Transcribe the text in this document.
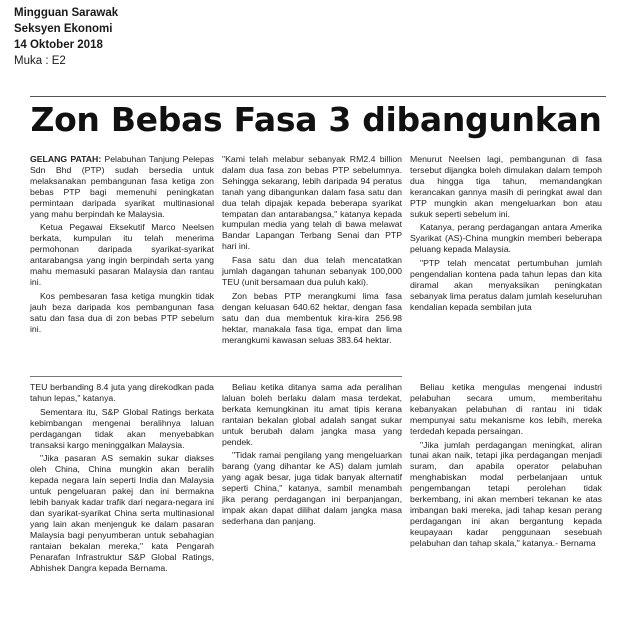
Mingguan Sarawak
Seksyen Ekonomi
14 Oktober 2018
Muka : E2
Zon Bebas Fasa 3 dibangunkan

GELANG PATAH: Pelabuhan Tanjung Pelepas Sdn Bhd (PTP) sudah bersedia untuk melaksanakan pembangunan fasa ketiga zon bebas PTP bagi memenuhi peningkatan permintaan daripada syarikat multinasional yang mahu berpindah ke Malaysia.

Ketua Pegawai Eksekutif Marco Neelsen berkata, kumpulan itu telah menerima permohonan daripada syarikat-syarikat antarabangsa yang ingin berpindah serta yang mahu memasuki pasaran Malaysia dan rantau ini.

Kos pembesaran fasa ketiga mungkin tidak jauh beza daripada kos pembangunan fasa satu dan fasa dua di zon bebas PTP sebelum ini.

"Kami telah melabur sebanyak RM2.4 billion dalam dua fasa zon bebas PTP sebelumnya. Sehingga sekarang, lebih daripada 94 peratus tanah yang dibangunkan dalam fasa satu dan dua telah dipajak kepada beberapa syarikat tempatan dan antarabangsa," katanya kepada kumpulan media yang telah di bawa melawat Bandar Lapangan Terbang Senai dan PTP hari ini.

Fasa satu dan dua telah mencatatkan jumlah dagangan tahunan sebanyak 100,000 TEU (unit bersamaan dua puluh kaki).

Zon bebas PTP merangkumi lima fasa dengan keluasan 640.62 hektar, dengan fasa satu dan dua membentuk kira-kira 256.98 hektar, manakala fasa tiga, empat dan lima merangkumi kawasan seluas 383.64 hektar.

Menurut Neelsen lagi, pembangunan di fasa tersebut dijangka boleh dimulakan dalam tempoh dua hingga tiga tahun, memandangkan kerancakan gannya masih di peringkat awal dan PTP mungkin akan mengeluarkan bon atau sukuk seperti sebelum ini.

Katanya, perang perdagangan antara Amerika Syarikat (AS)-China mungkin memberi beberapa peluang kepada Malaysia.

"PTP telah mencatat pertumbuhan jumlah pengendalian kontena pada tahun lepas dan kita diramal akan menyaksikan peningkatan sebanyak lima peratus dalam jumlah keseluruhan kendalian kepada sembilan juta

TEU berbanding 8.4 juta yang direkodkan pada tahun lepas," katanya.

Sementara itu, S&P Global Ratings berkata kebimbangan mengenai beralihnya laluan perdagangan tidak akan menyebabkan transaksi kargo meninggalkan Malaysia.

"Jika pasaran AS semakin sukar diakses oleh China, China mungkin akan beralih kepada negara lain seperti India dan Malaysia untuk pengeluaran pakej dan ini bermakna lebih banyak kadar trafik dari negara-negara ini dan syarikat-syarikat China serta multinasional yang lain akan menjenguk ke dalam pasaran Malaysia bagi penyumberan untuk sebahagian rantaian bekalan mereka," kata Pengarah Penarafan Infrastruktur S&P Global Ratings, Abhishek Dangra kepada Bernama.

Beliau ketika ditanya sama ada peralihan laluan boleh berlaku dalam masa terdekat, berkata kemungkinan itu amat tipis kerana rantaian bekalan global adalah sangat sukar untuk berubah dalam jangka masa yang pendek.

"Tidak ramai pengilang yang mengeluarkan barang (yang dihantar ke AS) dalam jumlah yang agak besar, juga tidak banyak alternatif seperti China," katanya, sambil menambah jika perang perdagangan ini berpanjangan, impak akan dapat dilihat dalam jangka masa sederhana dan panjang.

Beliau ketika mengulas mengenai industri pelabuhan secara umum, memberitahu kebanyakan pelabuhan di rantau ini tidak mempunyai satu mekanisme kos lebih, mereka terdedah kepada persaingan.

"Jika jumlah perdagangan meningkat, aliran tunai akan naik, tetapi jika perdagangan menjadi suram, dan apabila operator pelabuhan menghabiskan modal perbelanjaan untuk pengembangan tetapi perolehan tidak berkembang, ini akan memberi tekanan ke atas imbangan baki mereka, jadi tahap kesan perang perdagangan ini akan bergantung kepada keupayaan kadar penggunaan sesebuah pelabuhan dan tahap skala," katanya.- Bernama
